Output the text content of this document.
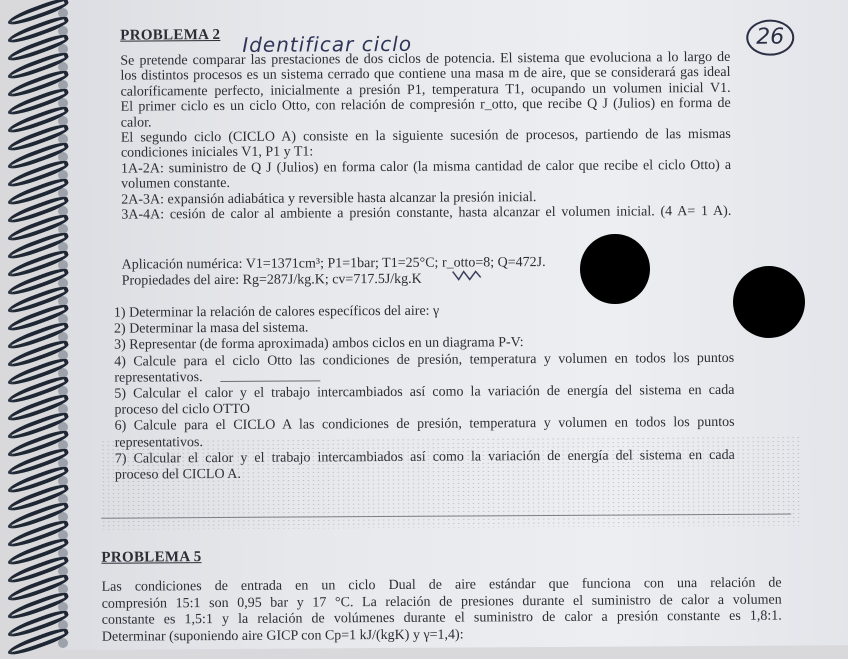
PROBLEMA 2 Identificar ciclo	26
Se pretende comparar las prestaciones de dos ciclos de potencia. El sistema que evoluciona a lo largo de
los distintos procesos es un sistema cerrado que contiene una masa m de aire, que se considerará gas ideal
caloríficamente perfecto, inicialmente a presión P1, temperatura T1, ocupando un volumen inicial V1.
El primer ciclo es un ciclo Otto, con relación de compresión r_otto, que recibe Q J (Julios) en forma de
calor.
El segundo ciclo (CICLO A) consiste en la siguiente sucesión de procesos, partiendo de las mismas
condiciones iniciales V1, P1 y T1:
1A-2A: suministro de Q J (Julios) en forma calor (la misma cantidad de calor que recibe el ciclo Otto) a
volumen constante.
2A-3A: expansión adiabática y reversible hasta alcanzar la presión inicial.
3A-4A: cesión de calor al ambiente a presión constante, hasta alcanzar el volumen inicial. (4 A= 1 A).
Aplicación numérica: V1=1371cm³; P1=1bar; T1=25°C; r_otto=8; Q=472J.
Propiedades del aire: Rg=287J/kg.K; cv=717.5J/kg.K
1) Determinar la relación de calores específicos del aire: γ
2) Determinar la masa del sistema.
3) Representar (de forma aproximada) ambos ciclos en un diagrama P-V:
4) Calcule para el ciclo Otto las condiciones de presión, temperatura y volumen en todos los puntos
representativos.
5) Calcular el calor y el trabajo intercambiados así como la variación de energía del sistema en cada
proceso del ciclo OTTO
6) Calcule para el CICLO A las condiciones de presión, temperatura y volumen en todos los puntos
representativos.
7) Calcular el calor y el trabajo intercambiados así como la variación de energía del sistema en cada
proceso del CICLO A.
PROBLEMA 5
Las condiciones de entrada en un ciclo Dual de aire estándar que funciona con una relación de
compresión 15:1 son 0,95 bar y 17 °C. La relación de presiones durante el suministro de calor a volumen
constante es 1,5:1 y la relación de volúmenes durante el suministro de calor a presión constante es 1,8:1.
Determinar (suponiendo aire GICP con Cp=1 kJ/(kgK) y γ=1,4):
